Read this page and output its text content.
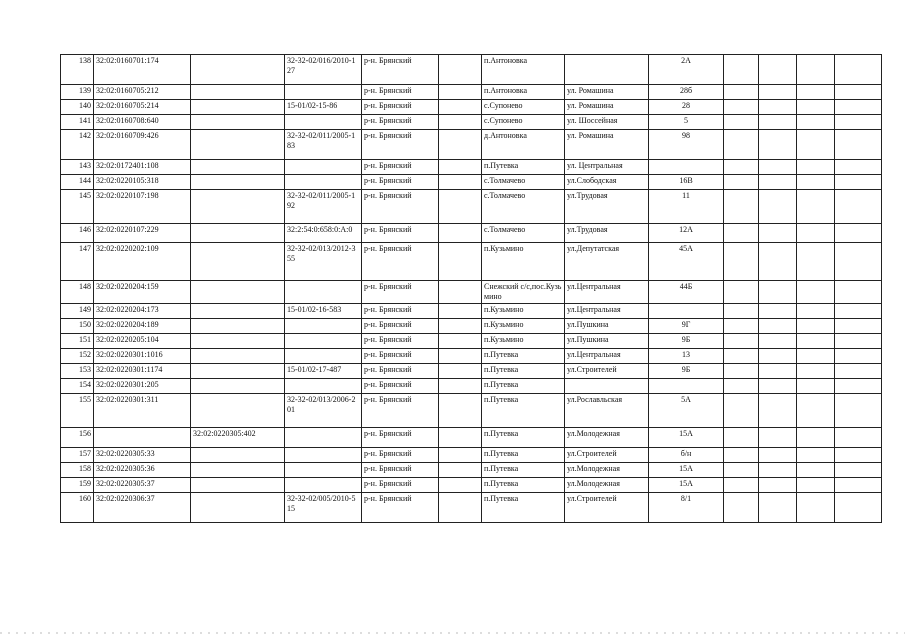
138	32:02:0160701:174		32-32-02/016/2010-127	р-н. Брянский		п.Антоновка		2А				
139	32:02:0160705:212			р-н. Брянский		п.Антоновка	ул. Ромашина	28б				
140	32:02:0160705:214		15-01/02-15-86	р-н. Брянский		с.Супонево	ул. Ромашина	28				
141	32:02:0160708:640			р-н. Брянский		с.Супонево	ул. Шоссейная	5				
142	32:02:0160709:426		32-32-02/011/2005-183	р-н. Брянский		д.Антоновка	ул. Ромашина	98				
143	32:02:0172401:108			р-н. Брянский		п.Путевка	ул. Центральная					
144	32:02:0220105:318			р-н. Брянский		с.Толмачево	ул.Слободская	16В				
145	32:02:0220107:198		32-32-02/011/2005-192	р-н. Брянский		с.Толмачево	ул.Трудовая	11				
146	32:02:0220107:229		32:2:54:0:658:0:А:0	р-н. Брянский		с.Толмачево	ул.Трудовая	12А				
147	32:02:0220202:109		32-32-02/013/2012-355	р-н. Брянский		п.Кузьмино	ул.Депутатская	45А				
148	32:02:0220204:159			р-н. Брянский		Снежский с/с,пос.Кузьмино	ул.Центральная	44Б				
149	32:02:0220204:173		15-01/02-16-583	р-н. Брянский		п.Кузьмино	ул.Центральная					
150	32:02:0220204:189			р-н. Брянский		п.Кузьмино	ул.Пушкина	9Г				
151	32:02:0220205:104			р-н. Брянский		п.Кузьмино	ул.Пушкина	9Б				
152	32:02:0220301:1016			р-н. Брянский		п.Путевка	ул.Центральная	13				
153	32:02:0220301:1174		15-01/02-17-487	р-н. Брянский		п.Путевка	ул.Строителей	9Б				
154	32:02:0220301:205			р-н. Брянский		п.Путевка						
155	32:02:0220301:311		32-32-02/013/2006-201	р-н. Брянский		п.Путевка	ул.Рославльская	5А				
156		32:02:0220305:402		р-н. Брянский		п.Путевка	ул.Молодежная	15А				
157	32:02:0220305:33			р-н. Брянский		п.Путевка	ул.Строителей	б/н				
158	32:02:0220305:36			р-н. Брянский		п.Путевка	ул.Молодежная	15А				
159	32:02:0220305:37			р-н. Брянский		п.Путевка	ул.Молодежная	15А				
160	32:02:0220306:37		32-32-02/005/2010-515	р-н. Брянский		п.Путевка	ул.Строителей	8/1				
